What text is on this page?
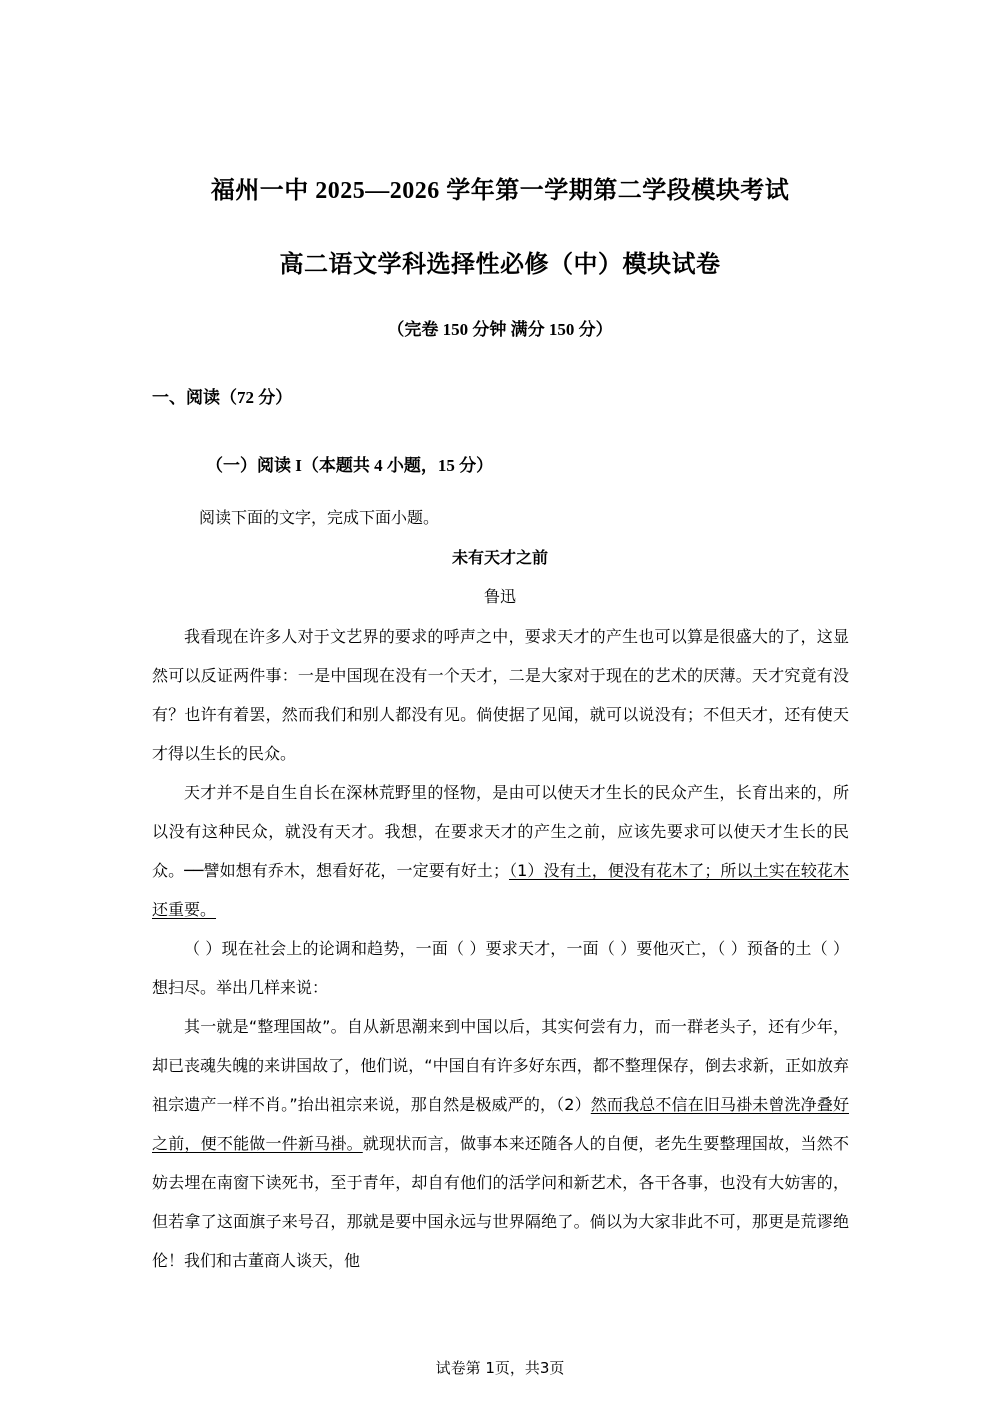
福州一中 2025—2026 学年第一学期第二学段模块考试
高二语文学科选择性必修（中）模块试卷
（完卷 150 分钟 满分 150 分）
一、阅读（72 分）
（一）阅读 I（本题共 4 小题，15 分）
阅读下面的文字，完成下面小题。
未有天才之前
鲁迅

我看现在许多人对于文艺界的要求的呼声之中，要求天才的产生也可以算是很盛大的了，这显然可以反证两件事：一是中国现在没有一个天才，二是大家对于现在的艺术的厌薄。天才究竟有没有？也许有着罢，然而我们和别人都没有见。倘使据了见闻，就可以说没有；不但天才，还有使天才得以生长的民众。

天才并不是自生自长在深林荒野里的怪物，是由可以使天才生长的民众产生，长育出来的，所以没有这种民众，就没有天才。我想，在要求天才的产生之前，应该先要求可以使天才生长的民众。──譬如想有乔木，想看好花，一定要有好土；（1）没有土，便没有花木了；所以土实在较花木还重要。

（ ）现在社会上的论调和趋势，一面（ ）要求天才，一面（ ）要他灭亡，（ ）预备的土（ ）想扫尽。举出几样来说：

其一就是“整理国故”。自从新思潮来到中国以后，其实何尝有力，而一群老头子，还有少年，却已丧魂失魄的来讲国故了，他们说，“中国自有许多好东西，都不整理保存，倒去求新，正如放弃祖宗遗产一样不肖。”抬出祖宗来说，那自然是极威严的，（2）然而我总不信在旧马褂未曾洗净叠好之前，便不能做一件新马褂。就现状而言，做事本来还随各人的自便，老先生要整理国故，当然不妨去埋在南窗下读死书，至于青年，却自有他们的活学问和新艺术，各干各事，也没有大妨害的，但若拿了这面旗子来号召，那就是要中国永远与世界隔绝了。倘以为大家非此不可，那更是荒谬绝伦！我们和古董商人谈天，他

试卷第 1页，共3页
